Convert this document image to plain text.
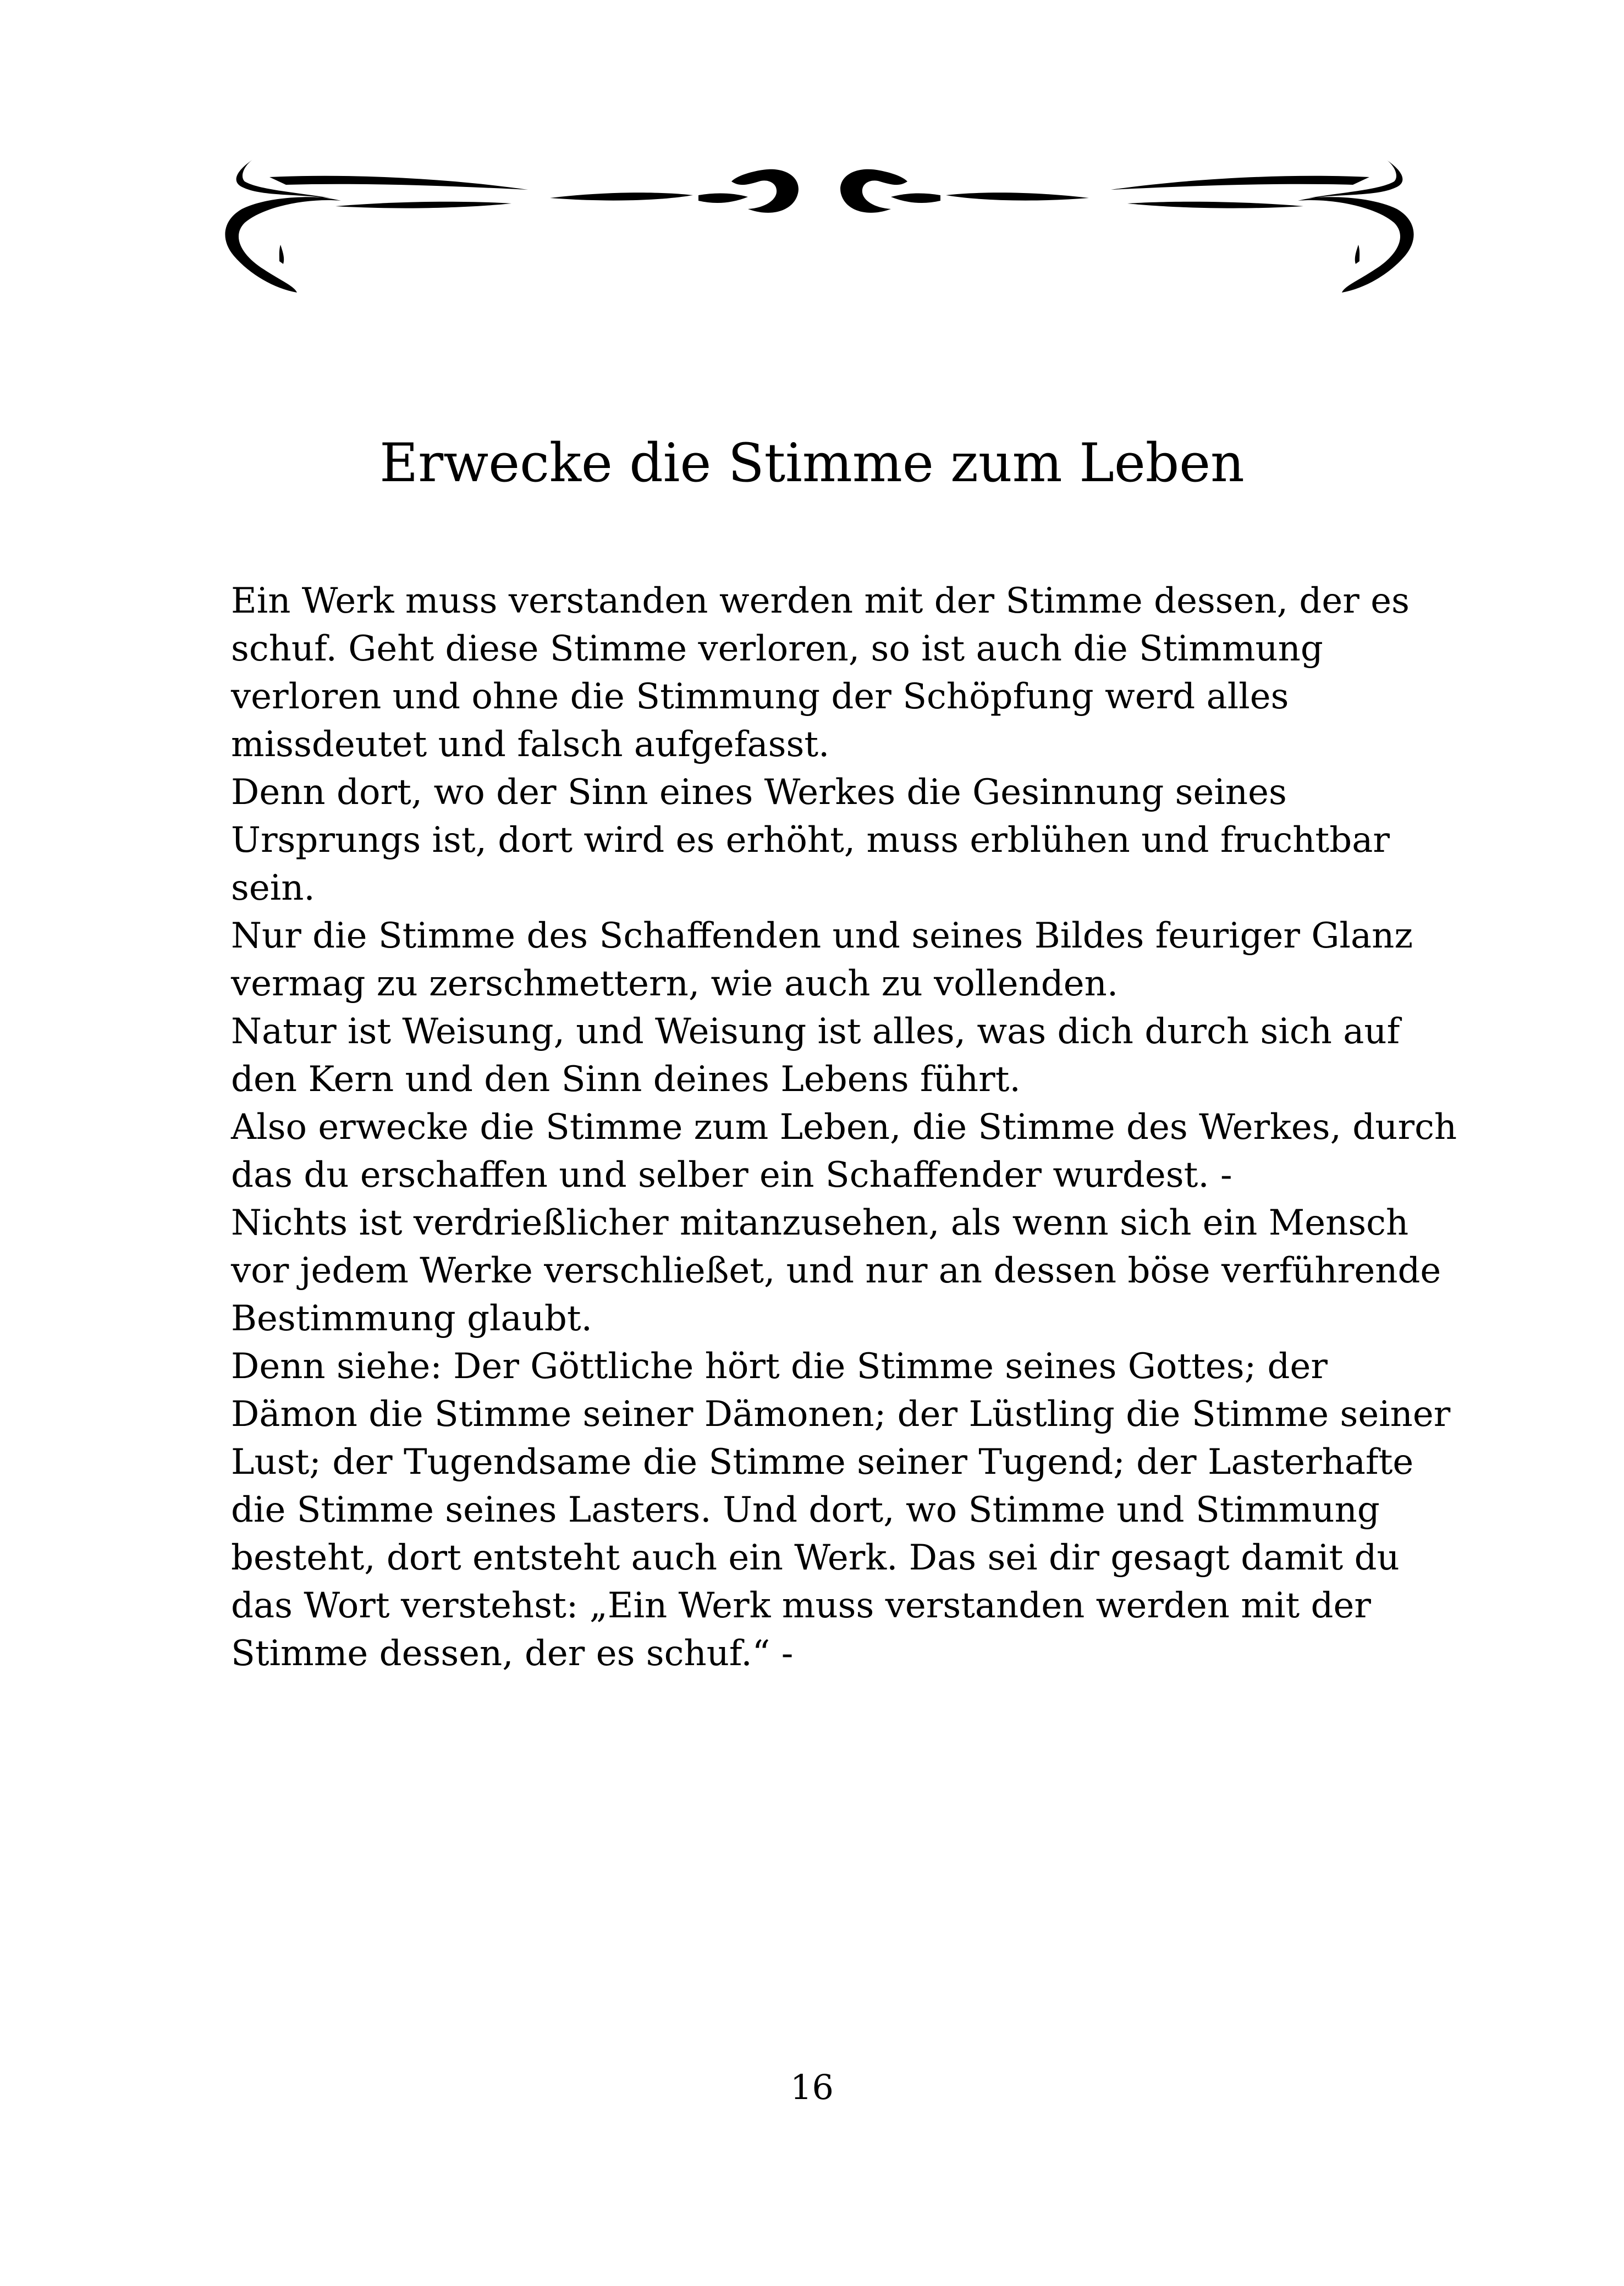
Erwecke die Stimme zum Leben
Ein Werk muss verstanden werden mit der Stimme dessen, der es
schuf. Geht diese Stimme verloren, so ist auch die Stimmung
verloren und ohne die Stimmung der Schöpfung werd alles
missdeutet und falsch aufgefasst.
Denn dort, wo der Sinn eines Werkes die Gesinnung seines
Ursprungs ist, dort wird es erhöht, muss erblühen und fruchtbar
sein.
Nur die Stimme des Schaffenden und seines Bildes feuriger Glanz
vermag zu zerschmettern, wie auch zu vollenden.
Natur ist Weisung, und Weisung ist alles, was dich durch sich auf
den Kern und den Sinn deines Lebens führt.
Also erwecke die Stimme zum Leben, die Stimme des Werkes, durch
das du erschaffen und selber ein Schaffender wurdest. -
Nichts ist verdrießlicher mitanzusehen, als wenn sich ein Mensch
vor jedem Werke verschließet, und nur an dessen böse verführende
Bestimmung glaubt.
Denn siehe: Der Göttliche hört die Stimme seines Gottes; der
Dämon die Stimme seiner Dämonen; der Lüstling die Stimme seiner
Lust; der Tugendsame die Stimme seiner Tugend; der Lasterhafte
die Stimme seines Lasters. Und dort, wo Stimme und Stimmung
besteht, dort entsteht auch ein Werk. Das sei dir gesagt damit du
das Wort verstehst: „Ein Werk muss verstanden werden mit der
Stimme dessen, der es schuf.“ -
16
